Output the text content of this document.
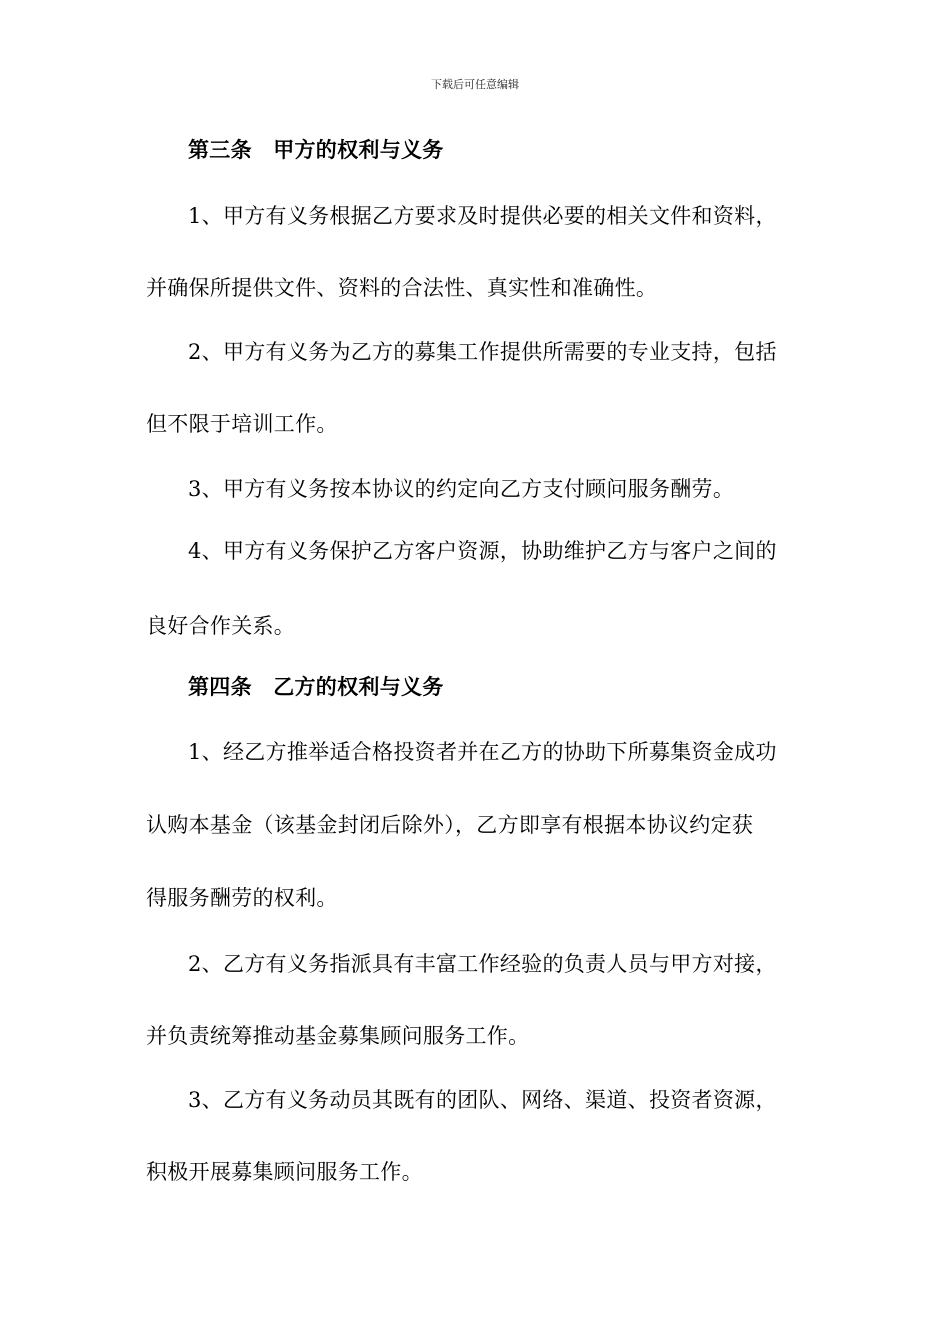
下载后可任意编辑
第三条　甲方的权利与义务
1、甲方有义务根据乙方要求及时提供必要的相关文件和资料，
并确保所提供文件、资料的合法性、真实性和准确性。
2、甲方有义务为乙方的募集工作提供所需要的专业支持，包括
但不限于培训工作。
3、甲方有义务按本协议的约定向乙方支付顾问服务酬劳。
4、甲方有义务保护乙方客户资源，协助维护乙方与客户之间的
良好合作关系。
第四条　乙方的权利与义务
1、经乙方推举适合格投资者并在乙方的协助下所募集资金成功
认购本基金（该基金封闭后除外），乙方即享有根据本协议约定获
得服务酬劳的权利。
2、乙方有义务指派具有丰富工作经验的负责人员与甲方对接，
并负责统筹推动基金募集顾问服务工作。
3、乙方有义务动员其既有的团队、网络、渠道、投资者资源，
积极开展募集顾问服务工作。
